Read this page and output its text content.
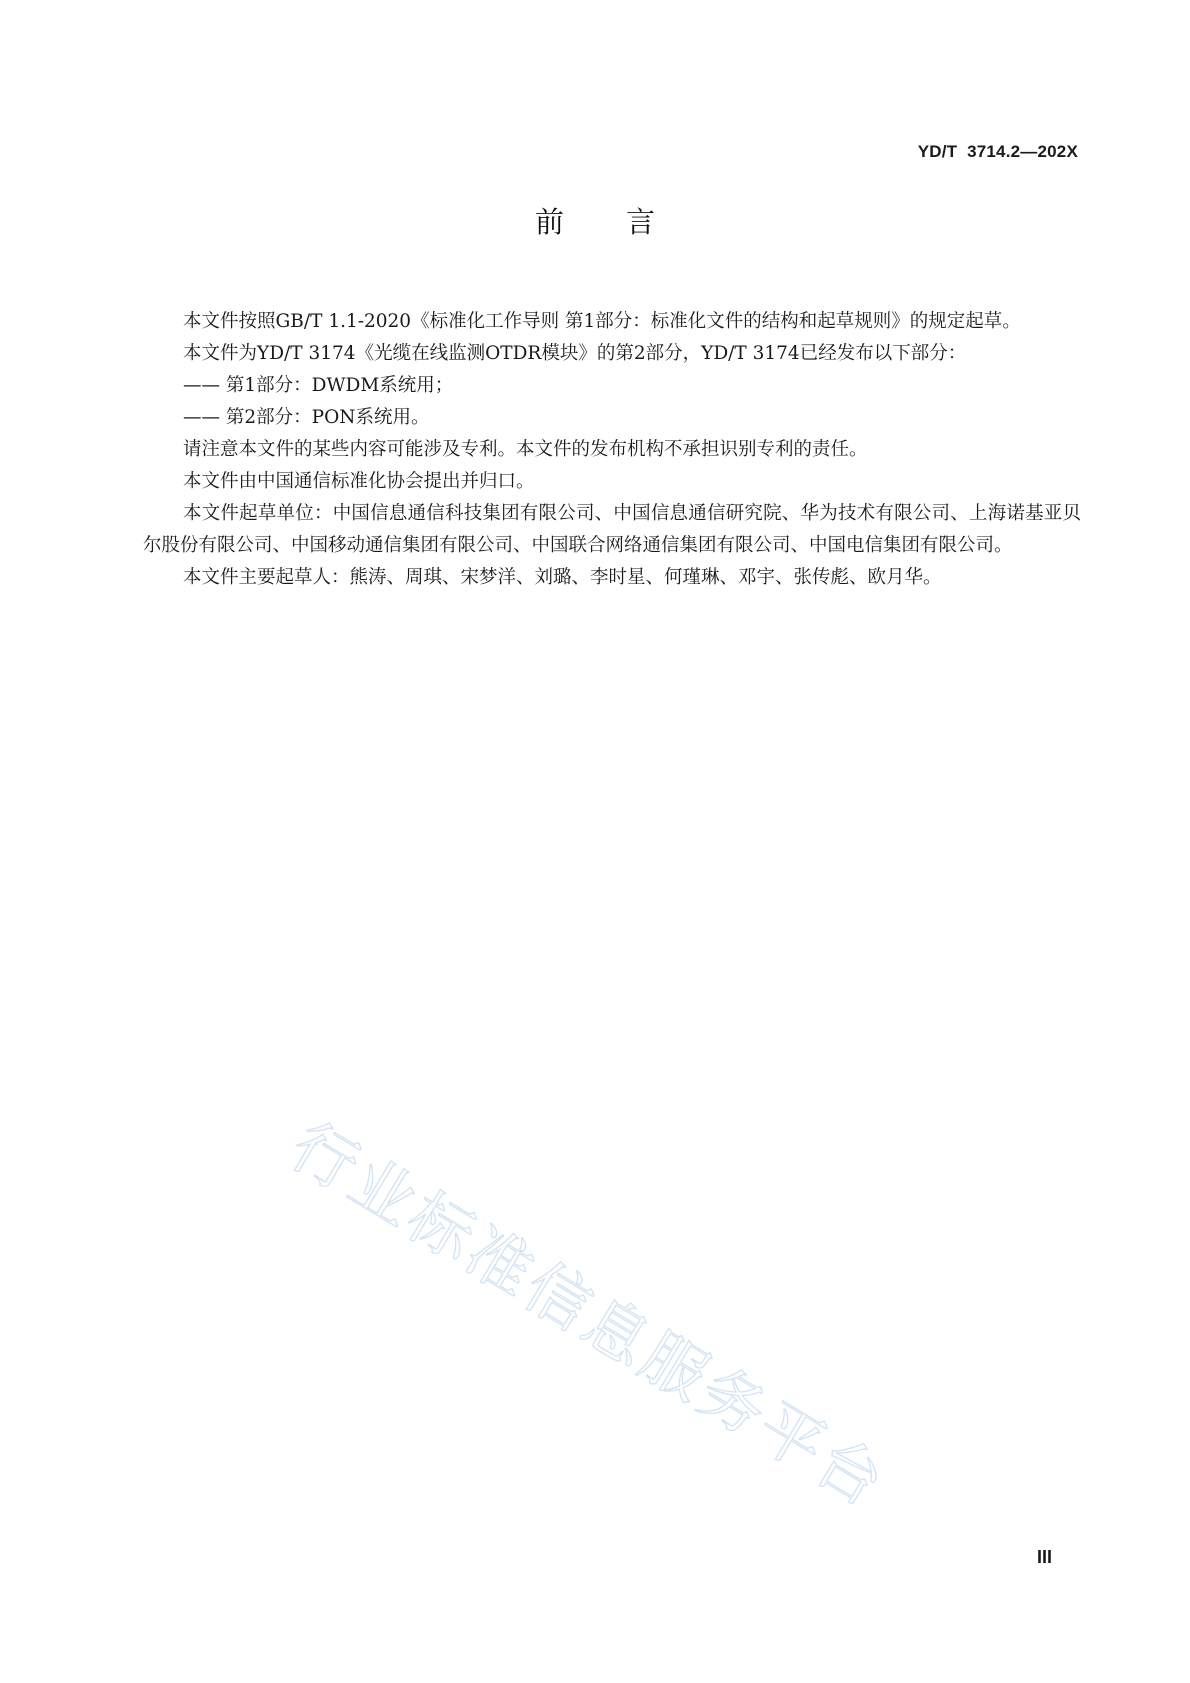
YD/T  3714.2—202X
前言

本文件按照GB/T 1.1-2020《标准化工作导则 第1部分：标准化文件的结构和起草规则》的规定起草。

本文件为YD/T 3174《光缆在线监测OTDR模块》的第2部分，YD/T 3174已经发布以下部分：

—— 第1部分：DWDM系统用；

—— 第2部分：PON系统用。

请注意本文件的某些内容可能涉及专利。本文件的发布机构不承担识别专利的责任。

本文件由中国通信标准化协会提出并归口。

本文件起草单位：中国信息通信科技集团有限公司、中国信息通信研究院、华为技术有限公司、上海诺基亚贝尔股份有限公司、中国移动通信集团有限公司、中国联合网络通信集团有限公司、中国电信集团有限公司。

本文件主要起草人：熊涛、周琪、宋梦洋、刘璐、李时星、何瑾琳、邓宇、张传彪、欧月华。

行业标准信息服务平台
III
